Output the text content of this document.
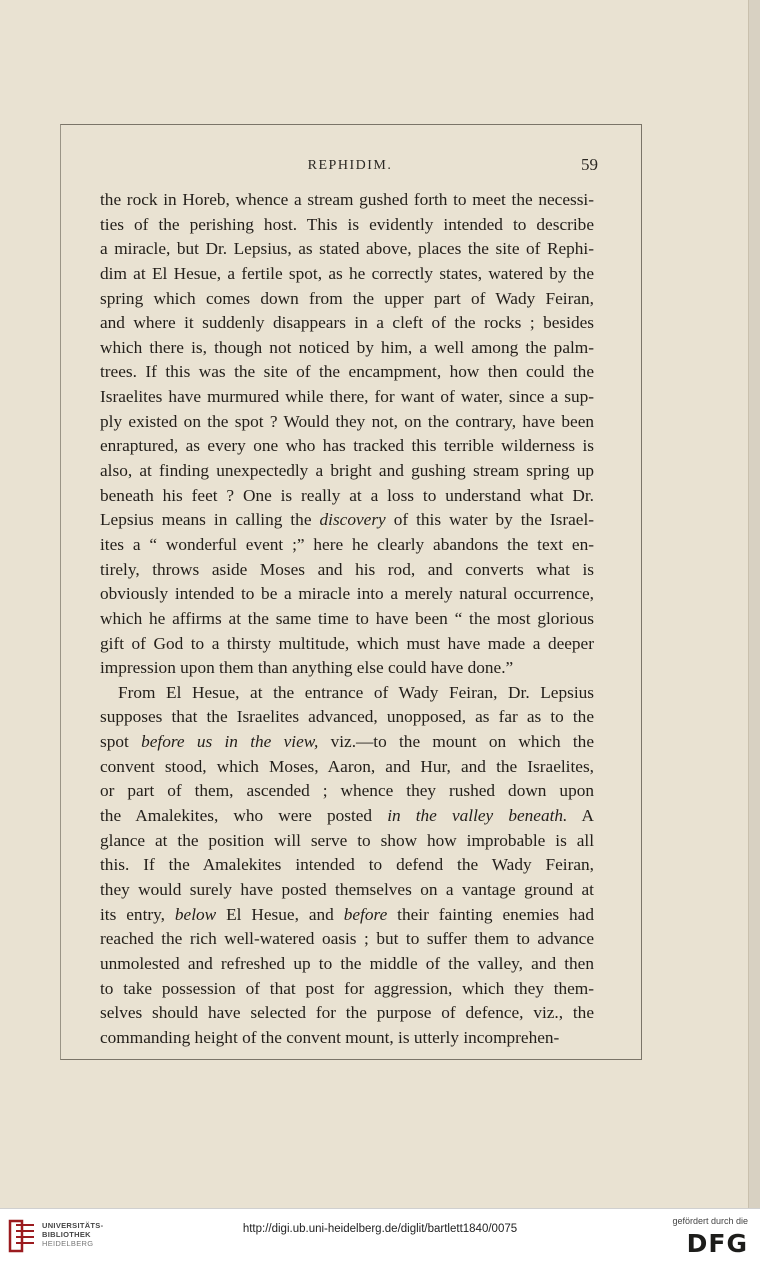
REPHIDIM.	59
the rock in Horeb, whence a stream gushed forth to meet the necessi-
ties of the perishing host. This is evidently intended to describe
a miracle, but Dr. Lepsius, as stated above, places the site of Rephi-
dim at El Hesue, a fertile spot, as he correctly states, watered by the
spring which comes down from the upper part of Wady Feiran,
and where it suddenly disappears in a cleft of the rocks ; besides
which there is, though not noticed by him, a well among the palm-
trees. If this was the site of the encampment, how then could the
Israelites have murmured while there, for want of water, since a sup-
ply existed on the spot ? Would they not, on the contrary, have been
enraptured, as every one who has tracked this terrible wilderness is
also, at finding unexpectedly a bright and gushing stream spring up
beneath his feet ? One is really at a loss to understand what Dr.
Lepsius means in calling the discovery of this water by the Israel-
ites a “ wonderful event ;” here he clearly abandons the text en-
tirely, throws aside Moses and his rod, and converts what is
obviously intended to be a miracle into a merely natural occurrence,
which he affirms at the same time to have been “ the most glorious
gift of God to a thirsty multitude, which must have made a deeper
impression upon them than anything else could have done.”
From El Hesue, at the entrance of Wady Feiran, Dr. Lepsius
supposes that the Israelites advanced, unopposed, as far as to the
spot before us in the view, viz.—to the mount on which the
convent stood, which Moses, Aaron, and Hur, and the Israelites,
or part of them, ascended ; whence they rushed down upon
the Amalekites, who were posted in the valley beneath. A
glance at the position will serve to show how improbable is all
this. If the Amalekites intended to defend the Wady Feiran,
they would surely have posted themselves on a vantage ground at
its entry, below El Hesue, and before their fainting enemies had
reached the rich well-watered oasis ; but to suffer them to advance
unmolested and refreshed up to the middle of the valley, and then
to take possession of that post for aggression, which they them-
selves should have selected for the purpose of defence, viz., the
commanding height of the convent mount, is utterly incomprehen-
UNIVERSITÄTS-
BIBLIOTHEK
HEIDELBERG
http://digi.ub.uni-heidelberg.de/diglit/bartlett1840/0075
gefördert durch die
DFG
